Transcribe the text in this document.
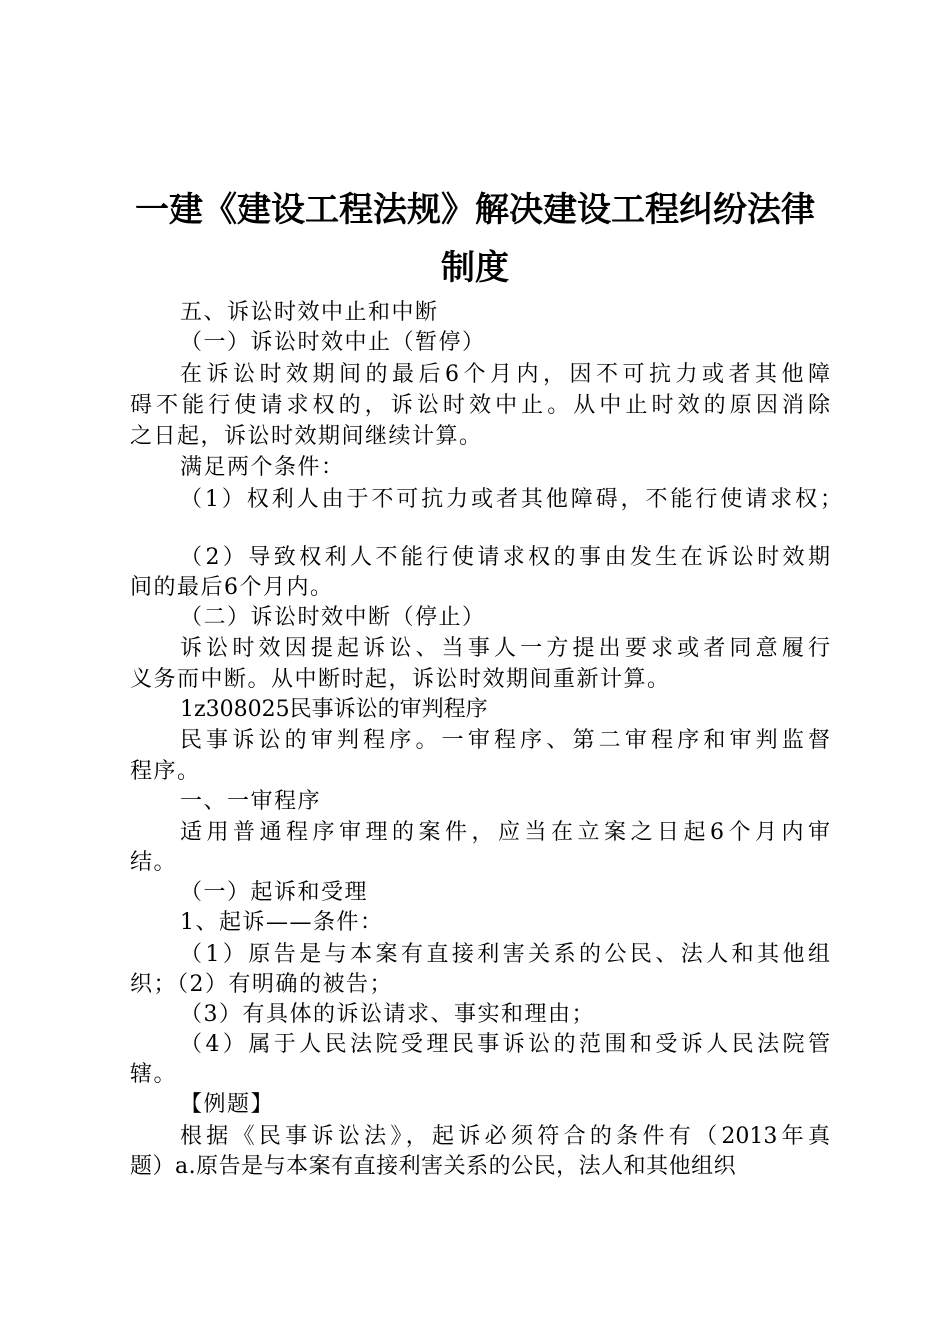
一建《建设工程法规》解决建设工程纠纷法律
制度
五、诉讼时效中止和中断
（一）诉讼时效中止（暂停）
在诉讼时效期间的最后6个月内，因不可抗力或者其他障
碍不能行使请求权的，诉讼时效中止。从中止时效的原因消除
之日起，诉讼时效期间继续计算。
满足两个条件：
（1）权利人由于不可抗力或者其他障碍，不能行使请求权；
（2）导致权利人不能行使请求权的事由发生在诉讼时效期
间的最后6个月内。
（二）诉讼时效中断（停止）
诉讼时效因提起诉讼、当事人一方提出要求或者同意履行
义务而中断。从中断时起，诉讼时效期间重新计算。
1z308025民事诉讼的审判程序
民事诉讼的审判程序。一审程序、第二审程序和审判监督
程序。
一、一审程序
适用普通程序审理的案件，应当在立案之日起6个月内审
结。
（一）起诉和受理
1、起诉——条件：
（1）原告是与本案有直接利害关系的公民、法人和其他组
织；（2）有明确的被告；
（3）有具体的诉讼请求、事实和理由；
（4）属于人民法院受理民事诉讼的范围和受诉人民法院管
辖。
【例题】
根据《民事诉讼法》，起诉必须符合的条件有（2013年真
题）a.原告是与本案有直接利害关系的公民，法人和其他组织
